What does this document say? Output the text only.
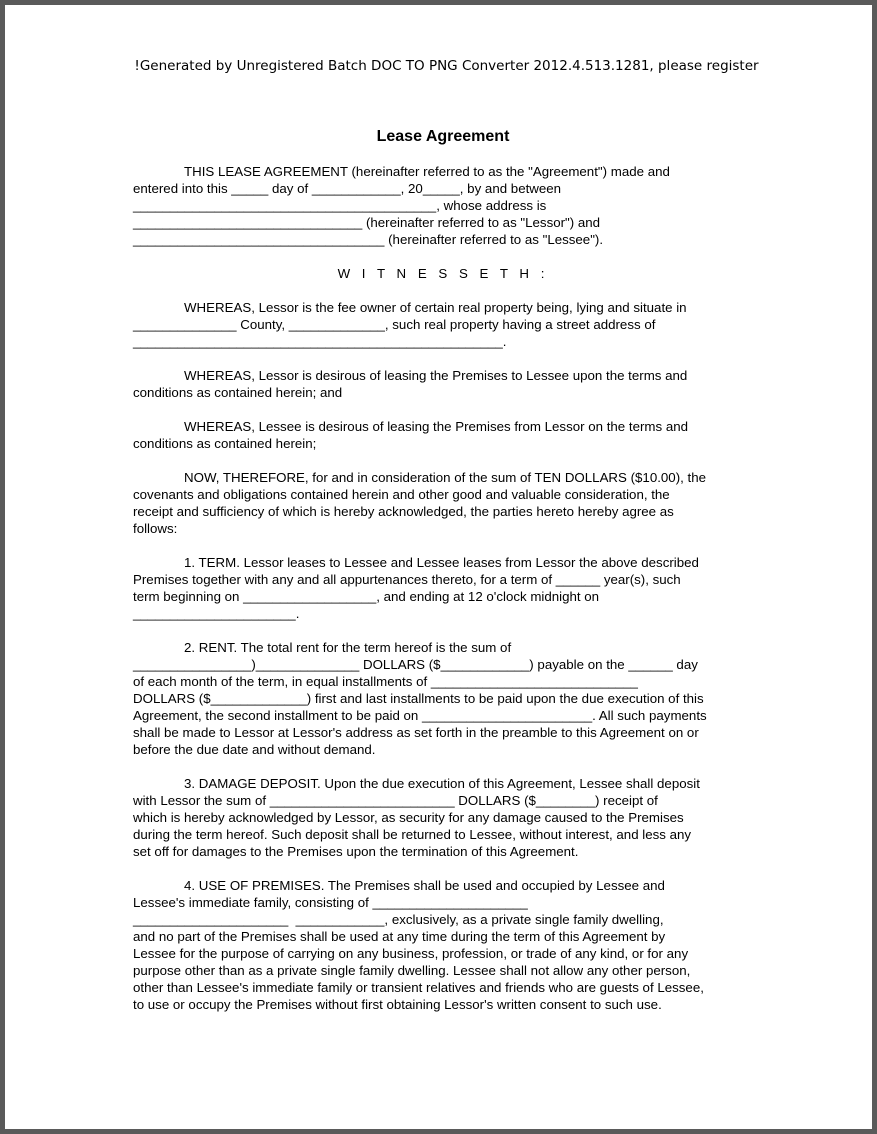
!Generated by Unregistered Batch DOC TO PNG Converter 2012.4.513.1281, please register
Lease Agreement
THIS LEASE AGREEMENT (hereinafter referred to as the "Agreement") made and
entered into this _____ day of ____________, 20_____, by and between
_________________________________________, whose address is
_______________________________ (hereinafter referred to as "Lessor") and
__________________________________ (hereinafter referred to as "Lessee").
W I T N E S S E T H :
WHEREAS, Lessor is the fee owner of certain real property being, lying and situate in
______________ County, _____________, such real property having a street address of
__________________________________________________.
WHEREAS, Lessor is desirous of leasing the Premises to Lessee upon the terms and
conditions as contained herein; and
WHEREAS, Lessee is desirous of leasing the Premises from Lessor on the terms and
conditions as contained herein;
NOW, THEREFORE, for and in consideration of the sum of TEN DOLLARS ($10.00), the
covenants and obligations contained herein and other good and valuable consideration, the
receipt and sufficiency of which is hereby acknowledged, the parties hereto hereby agree as
follows:
1. TERM. Lessor leases to Lessee and Lessee leases from Lessor the above described
Premises together with any and all appurtenances thereto, for a term of ______ year(s), such
term beginning on __________________, and ending at 12 o'clock midnight on
______________________.
2. RENT. The total rent for the term hereof is the sum of
________________)______________ DOLLARS ($____________) payable on the ______ day
of each month of the term, in equal installments of ____________________________
DOLLARS ($_____________) first and last installments to be paid upon the due execution of this
Agreement, the second installment to be paid on _______________________. All such payments
shall be made to Lessor at Lessor's address as set forth in the preamble to this Agreement on or
before the due date and without demand.
3. DAMAGE DEPOSIT. Upon the due execution of this Agreement, Lessee shall deposit
with Lessor the sum of _________________________ DOLLARS ($________) receipt of
which is hereby acknowledged by Lessor, as security for any damage caused to the Premises
during the term hereof. Such deposit shall be returned to Lessee, without interest, and less any
set off for damages to the Premises upon the termination of this Agreement.
4. USE OF PREMISES. The Premises shall be used and occupied by Lessee and
Lessee's immediate family, consisting of _____________________
_____________________  ____________, exclusively, as a private single family dwelling,
and no part of the Premises shall be used at any time during the term of this Agreement by
Lessee for the purpose of carrying on any business, profession, or trade of any kind, or for any
purpose other than as a private single family dwelling. Lessee shall not allow any other person,
other than Lessee's immediate family or transient relatives and friends who are guests of Lessee,
to use or occupy the Premises without first obtaining Lessor's written consent to such use.
